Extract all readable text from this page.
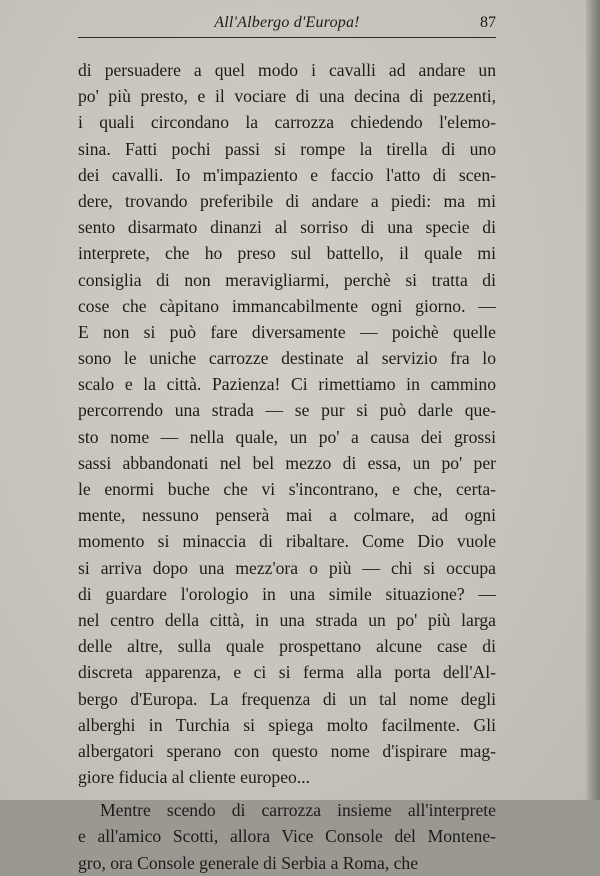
All'Albergo d'Europa!	87
di persuadere a quel modo i cavalli ad andare un
po' più presto, e il vociare di una decina di pezzenti,
i quali circondano la carrozza chiedendo l'elemo-
sina. Fatti pochi passi si rompe la tirella di uno
dei cavalli. Io m'impaziento e faccio l'atto di scen-
dere, trovando preferibile di andare a piedi: ma mi
sento disarmato dinanzi al sorriso di una specie di
interprete, che ho preso sul battello, il quale mi
consiglia di non meravigliarmi, perchè si tratta di
cose che càpitano immancabilmente ogni giorno. —
E non si può fare diversamente — poichè quelle
sono le uniche carrozze destinate al servizio fra lo
scalo e la città. Pazienza! Ci rimettiamo in cammino
percorrendo una strada — se pur si può darle que-
sto nome — nella quale, un po' a causa dei grossi
sassi abbandonati nel bel mezzo di essa, un po' per
le enormi buche che vi s'incontrano, e che, certa-
mente, nessuno penserà mai a colmare, ad ogni
momento si minaccia di ribaltare. Come Dio vuole
si arriva dopo una mezz'ora o più — chi si occupa
di guardare l'orologio in una simile situazione? —
nel centro della città, in una strada un po' più larga
delle altre, sulla quale prospettano alcune case di
discreta apparenza, e ci si ferma alla porta dell'Al-
bergo d'Europa. La frequenza di un tal nome degli
alberghi in Turchia si spiega molto facilmente. Gli
albergatori sperano con questo nome d'ispirare mag-
giore fiducia al cliente europeo...
Mentre scendo di carrozza insieme all'interprete
e all'amico Scotti, allora Vice Console del Montene-
gro, ora Console generale di Serbia a Roma, che
